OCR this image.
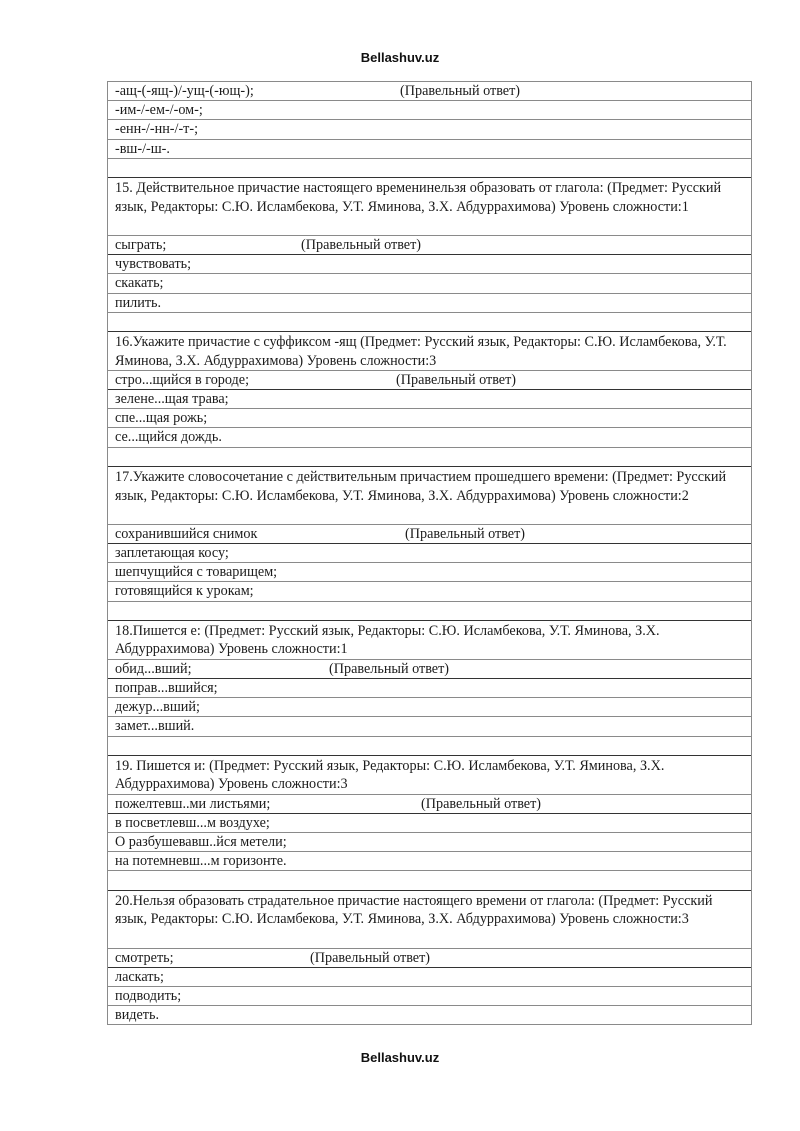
Bellashuv.uz
-ащ-(-ящ-)/-ущ-(-ющ-);	(Правельный ответ)
-им-/-ем-/-ом-;
-енн-/-нн-/-т-;
-вш-/-ш-.
15. Действительное причастие настоящего временинельзя образовать от глагола: (Предмет: Русский язык, Редакторы: С.Ю. Исламбекова, У.Т. Яминова, З.Х. Абдуррахимова) Уровень сложности:1
сыграть;	(Правельный ответ)
чувствовать;
скакать;
пилить.
16.Укажите причастие с суффиксом -ящ (Предмет: Русский язык, Редакторы: С.Ю. Исламбекова, У.Т. Яминова, З.Х. Абдуррахимова) Уровень сложности:3
стро...щийся в городе;	(Правельный ответ)
зелене...щая трава;
спе...щая рожь;
се...щийся дождь.
17.Укажите словосочетание с действительным причастием прошедшего времени: (Предмет: Русский язык, Редакторы: С.Ю. Исламбекова, У.Т. Яминова, З.Х. Абдуррахимова) Уровень сложности:2
сохранившийся снимок	(Правельный ответ)
заплетающая косу;
шепчущийся с товарищем;
готовящийся к урокам;
18.Пишется е: (Предмет: Русский язык, Редакторы: С.Ю. Исламбекова, У.Т. Яминова, З.Х. Абдуррахимова) Уровень сложности:1
обид...вший;	(Правельный ответ)
поправ...вшийся;
дежур...вший;
замет...вший.
19. Пишется и: (Предмет: Русский язык, Редакторы: С.Ю. Исламбекова, У.Т. Яминова, З.Х. Абдуррахимова) Уровень сложности:3
пожелтевш..ми листьями;	(Правельный ответ)
в посветлевш...м воздухе;
О разбушевавш..йся метели;
на потемневш...м горизонте.
20.Нельзя образовать страдательное причастие настоящего времени от глагола: (Предмет: Русский язык, Редакторы: С.Ю. Исламбекова, У.Т. Яминова, З.Х. Абдуррахимова) Уровень сложности:3
смотреть;	(Правельный ответ)
ласкать;
подводить;
видеть.
Bellashuv.uz
